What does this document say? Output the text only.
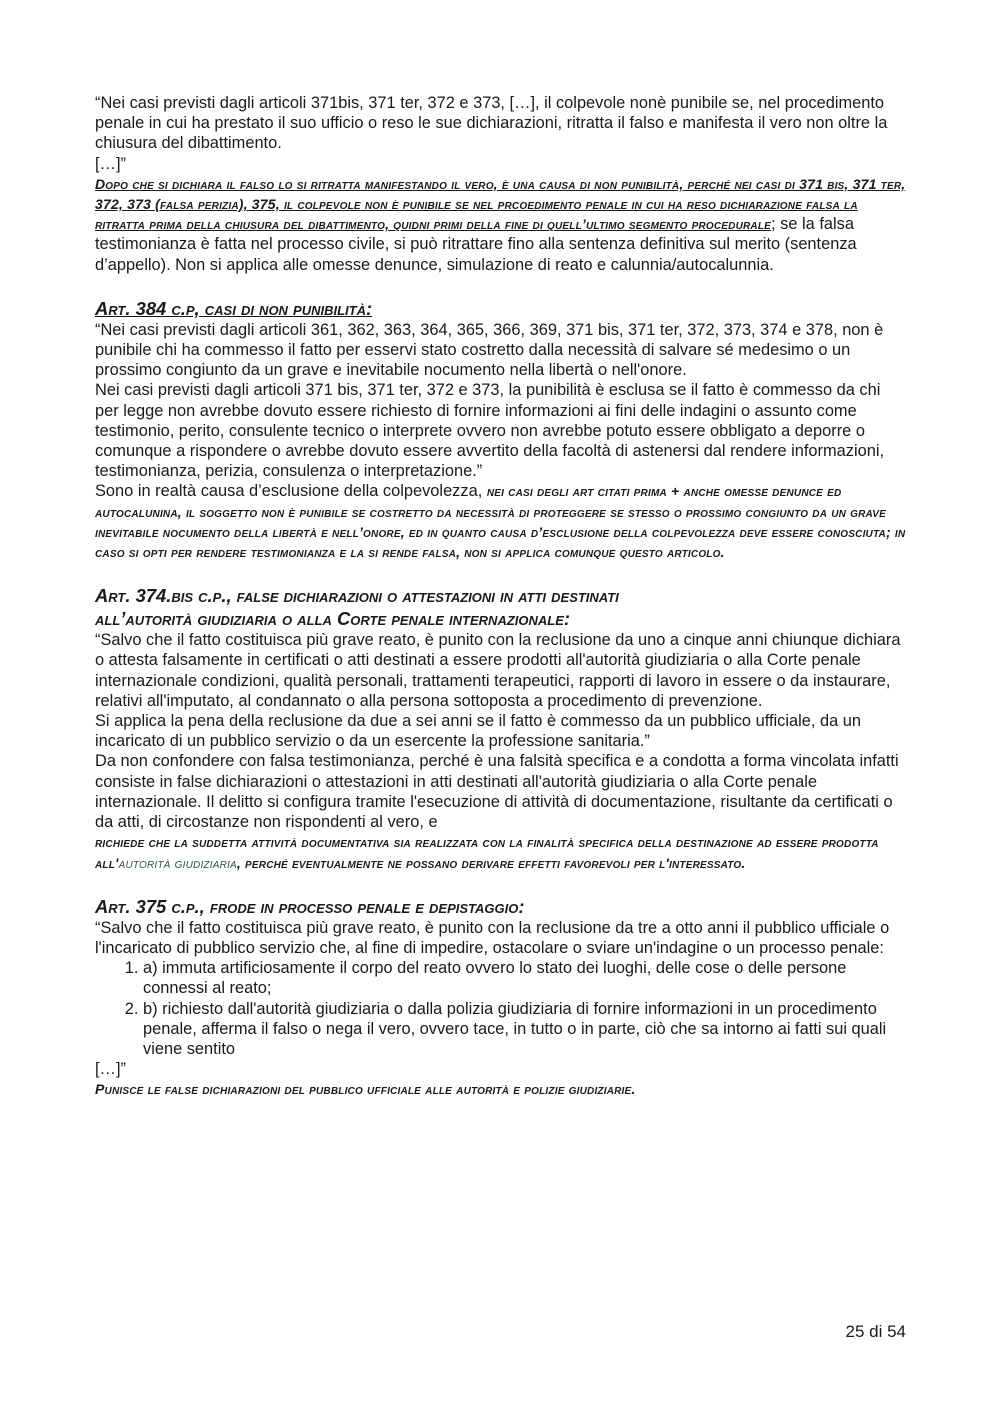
“Nei casi previsti dagli articoli 371bis, 371 ter, 372 e 373, […], il colpevole nonè punibile se, nel procedimento penale in cui ha prestato il suo ufficio o reso le sue dichiarazioni, ritratta il falso e manifesta il vero non oltre la chiusura del dibattimento.

[…]”

Dopo che si dichiara il falso lo si ritratta manifestando il vero, è una causa di non punibilità, perché nei casi di 371 bis, 371 ter, 372, 373 (falsa perizia), 375, il colpevole non è punibile se nel prcoedimento penale in cui ha reso dichiarazione falsa la ritratta prima della chiusura del dibattimento, quidni primi della fine di quell’ultimo segmento procedurale; se la falsa testimonianza è fatta nel processo civile, si può ritrattare fino alla sentenza definitiva sul merito (sentenza d’appello). Non si applica alle omesse denunce, simulazione di reato e calunnia/autocalunnia.

Art. 384 c.p, casi di non punibilità:

“Nei casi previsti dagli articoli 361, 362, 363, 364, 365, 366, 369, 371 bis, 371 ter, 372, 373, 374 e 378, non è punibile chi ha commesso il fatto per esservi stato costretto dalla necessità di salvare sé medesimo o un prossimo congiunto da un grave e inevitabile nocumento nella libertà o nell'onore.

Nei casi previsti dagli articoli 371 bis, 371 ter, 372 e 373, la punibilità è esclusa se il fatto è commesso da chi per legge non avrebbe dovuto essere richiesto di fornire informazioni ai fini delle indagini o assunto come testimonio, perito, consulente tecnico o interprete ovvero non avrebbe potuto essere obbligato a deporre o comunque a rispondere o avrebbe dovuto essere avvertito della facoltà di astenersi dal rendere informazioni, testimonianza, perizia, consulenza o interpretazione.”

Sono in realtà causa d’esclusione della colpevolezza, nei casi degli art citati prima + anche omesse denunce ed autocalunina, il soggetto non è punibile se costretto da necessità di proteggere se stesso o prossimo congiunto da un grave inevitabile nocumento della libertà e nell’onore, ed in quanto causa d’esclusione della colpevolezza deve essere conosciuta; in caso si opti per rendere testimonianza e la si rende falsa, non si applica comunque questo articolo.

Art. 374.bis c.p., false dichiarazioni o attestazioni in atti destinati
all’autorità giudiziaria o alla Corte penale internazionale:

“Salvo che il fatto costituisca più grave reato, è punito con la reclusione da uno a cinque anni chiunque dichiara o attesta falsamente in certificati o atti destinati a essere prodotti all'autorità giudiziaria o alla Corte penale internazionale condizioni, qualità personali, trattamenti terapeutici, rapporti di lavoro in essere o da instaurare, relativi all'imputato, al condannato o alla persona sottoposta a procedimento di prevenzione.

Si applica la pena della reclusione da due a sei anni se il fatto è commesso da un pubblico ufficiale, da un incaricato di un pubblico servizio o da un esercente la professione sanitaria.”

Da non confondere con falsa testimonianza, perché è una falsità specifica e a condotta a forma vincolata infatti consiste in false dichiarazioni o attestazioni in atti destinati all'autorità giudiziaria o alla Corte penale internazionale. Il delitto si configura tramite l'esecuzione di attività di documentazione, risultante da certificati o da atti, di circostanze non rispondenti al vero, e

richiede che la suddetta attività documentativa sia realizzata con la finalità specifica della destinazione ad essere prodotta all'autorità giudiziaria, perché eventualmente ne possano derivare effetti favorevoli per l'interessato.

Art. 375 c.p., frode in processo penale e depistaggio:

“Salvo che il fatto costituisca più grave reato, è punito con la reclusione da tre a otto anni il pubblico ufficiale o l'incaricato di pubblico servizio che, al fine di impedire, ostacolare o sviare un'indagine o un processo penale:

1. a) immuta artificiosamente il corpo del reato ovvero lo stato dei luoghi, delle cose o delle persone connessi al reato;
2. b) richiesto dall'autorità giudiziaria o dalla polizia giudiziaria di fornire informazioni in un procedimento penale, afferma il falso o nega il vero, ovvero tace, in tutto o in parte, ciò che sa intorno ai fatti sui quali viene sentito

[…]”

Punisce le false dichiarazioni del pubblico ufficiale alle autorità e polizie giudiziarie.

25 di 54
